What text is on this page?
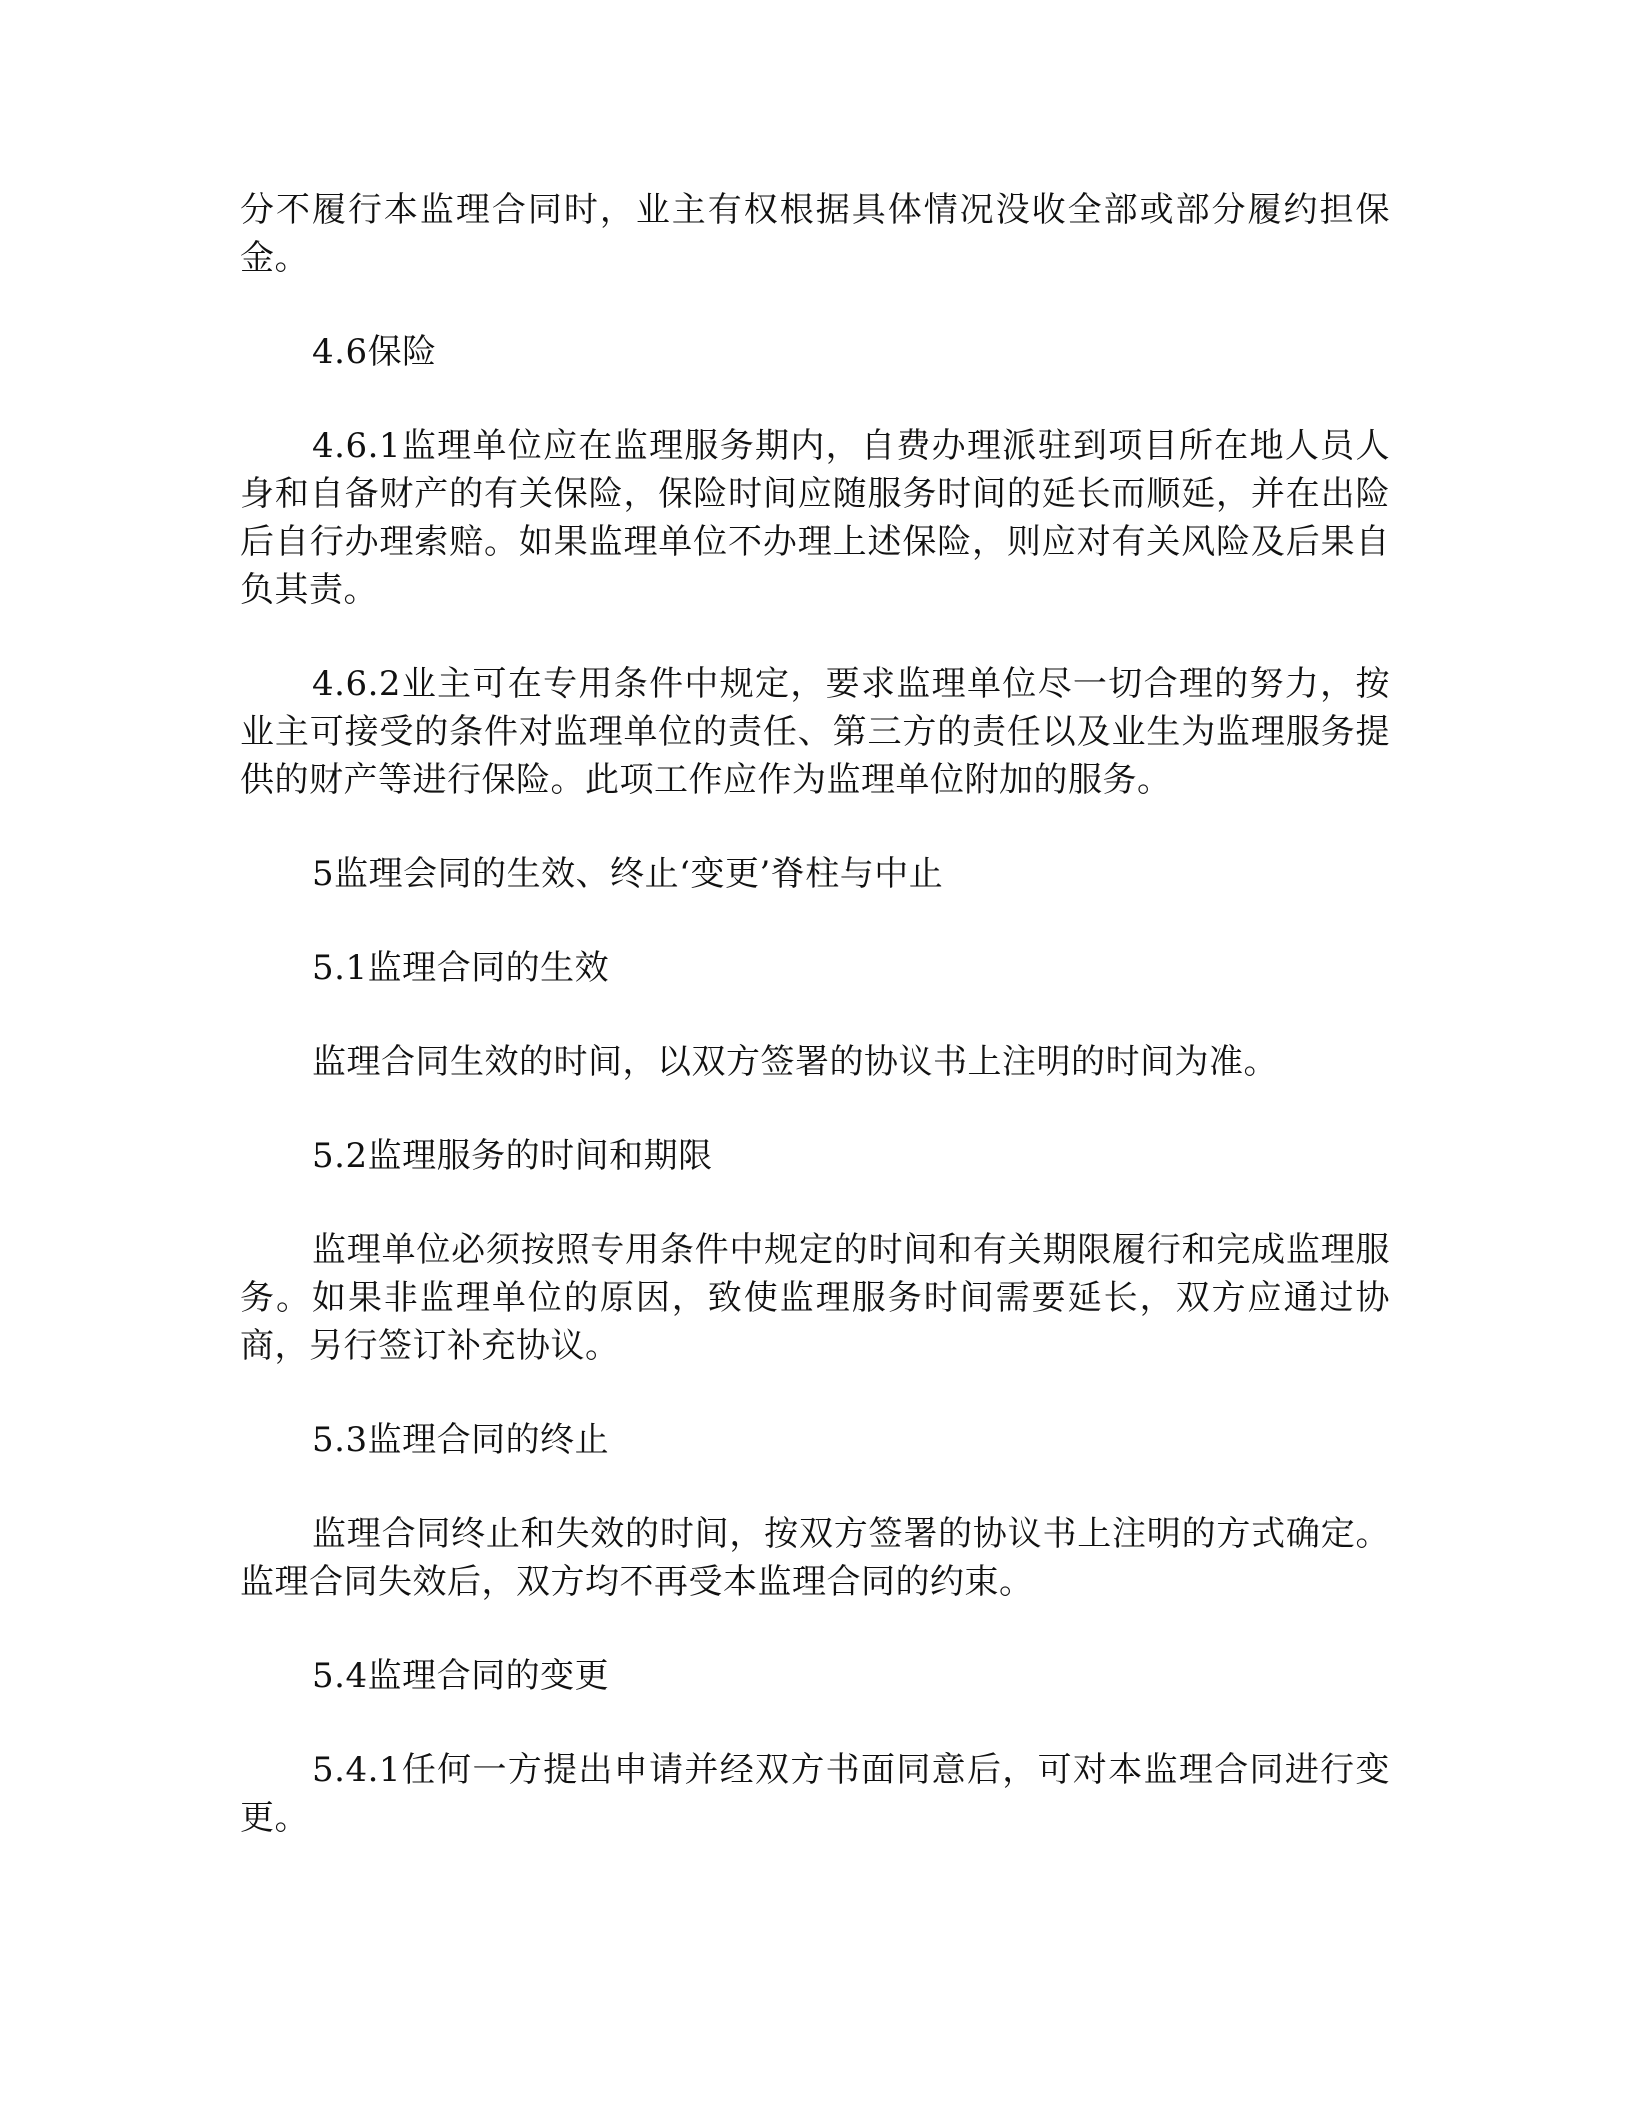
分不履行本监理合同时，业主有权根据具体情况没收全部或部分履约担保金。

4.6保险

4.6.1监理单位应在监理服务期内，自费办理派驻到项目所在地人员人身和自备财产的有关保险，保险时间应随服务时间的延长而顺延，并在出险后自行办理索赔。如果监理单位不办理上述保险，则应对有关风险及后果自负其责。

4.6.2业主可在专用条件中规定，要求监理单位尽一切合理的努力，按业主可接受的条件对监理单位的责任、第三方的责任以及业生为监理服务提供的财产等进行保险。此项工作应作为监理单位附加的服务。

5监理会同的生效、终止‘变更’脊柱与中止

5.1监理合同的生效

监理合同生效的时间，以双方签署的协议书上注明的时间为准。

5.2监理服务的时间和期限

监理单位必须按照专用条件中规定的时间和有关期限履行和完成监理服务。如果非监理单位的原因，致使监理服务时间需要延长，双方应通过协商，另行签订补充协议。

5.3监理合同的终止

监理合同终止和失效的时间，按双方签署的协议书上注明的方式确定。监理合同失效后，双方均不再受本监理合同的约束。

5.4监理合同的变更

5.4.1任何一方提出申请并经双方书面同意后，可对本监理合同进行变更。
